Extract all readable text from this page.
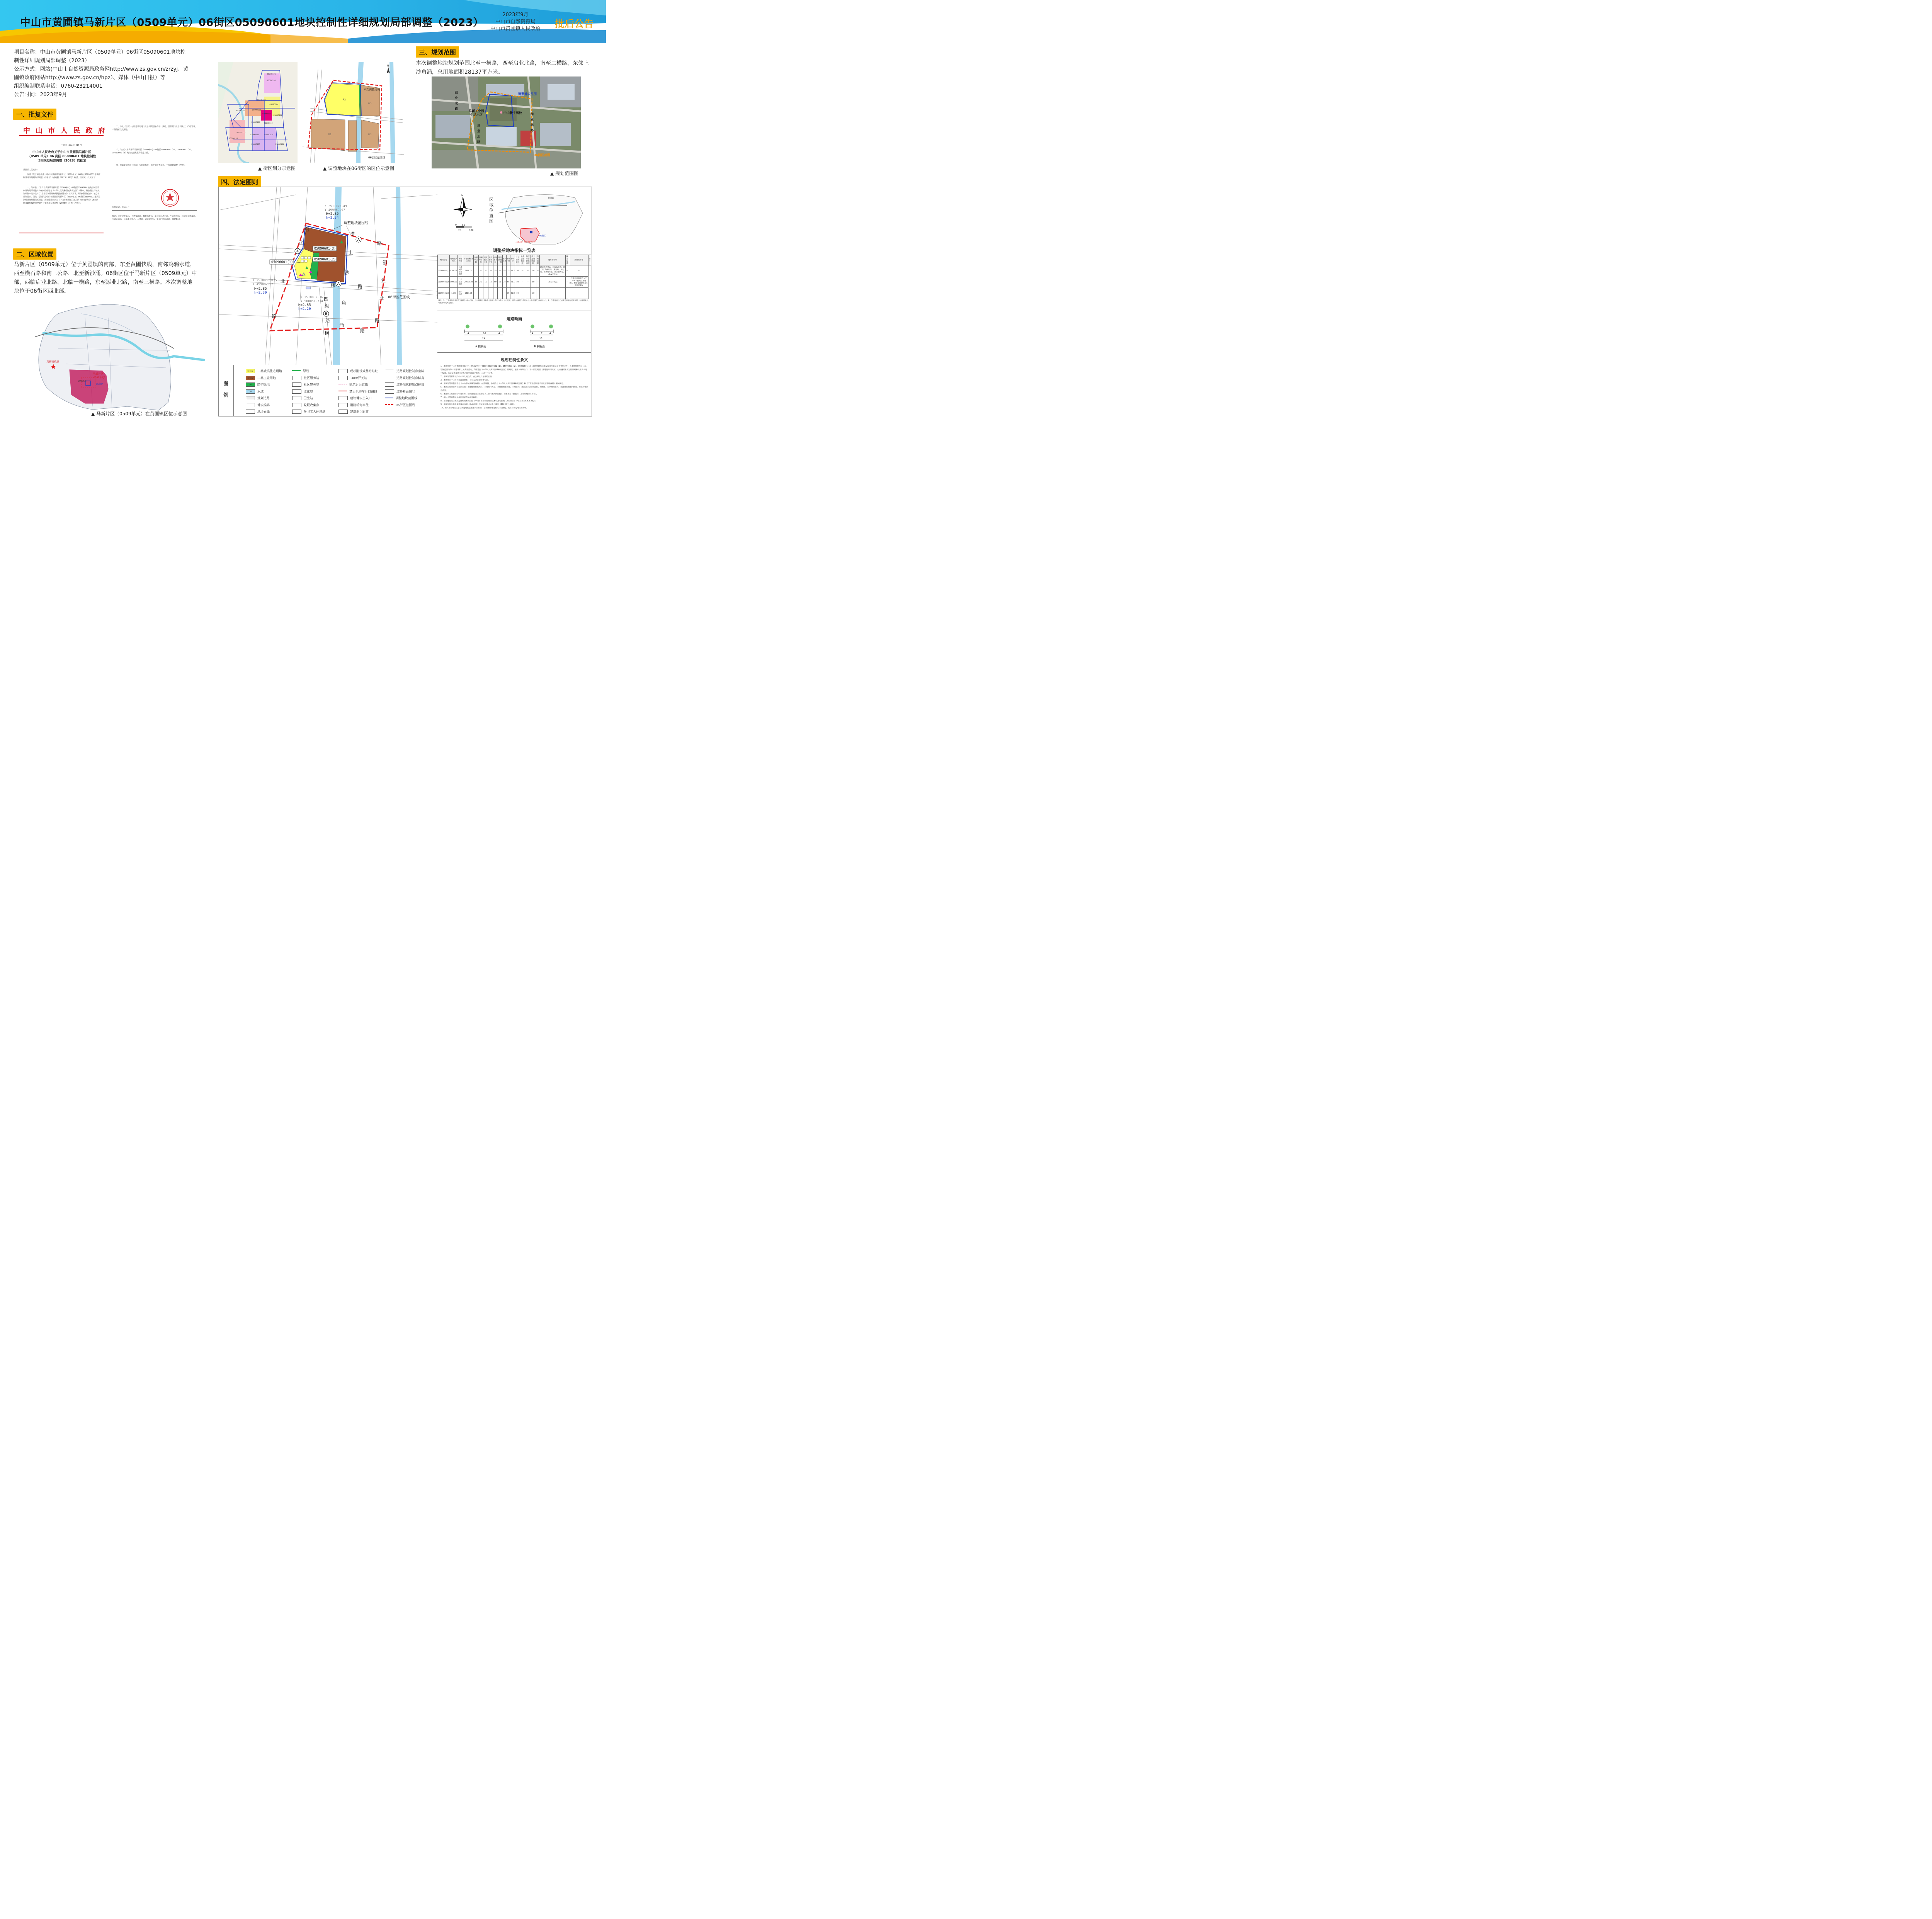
中山市黄圃镇马新片区（0509单元）06街区05090601地块控制性详细规划局部调整（2023）
2023年9月
中山市自然资源局
中山市黄圃镇人民政府	批后公告
项目名称：中山市黄圃镇马新片区（0509单元）06街区05090601地块控
制性详细规划局部调整（2023）
公示方式：网站(中山市自然资源局政务网http://www.zs.gov.cn/zrzyj、黄
圃镇政府网站http://www.zs.gov.cn/hpz）、媒体（中山日报）等
组织编制联系电话：0760-23214001
公告时间：2023年9月
一、批复文件
中 山 市 人 民 政 府
中府函〔2023〕216 号
中山市人民政府关于中山市黄圃镇马新片区
（0509 单元）06 街区 05090601 地块控制性
详细规划局部调整（2023）的批复
黄圃镇人民政府：
你镇《关于请予批准〈中山市黄圃镇马新片区（0509单元）06街区05090601地块控制性详细规划局部调整〉的请示》（黄府报〔2023〕36号）收悉。经研究，批复如下：
一、经审核，《中山市黄圃镇马新片区（0509单元）06街区05090601地块控制性详细规划局部调整》的编制程序符合《中华人民共和国城乡规划法》《城市、镇控制性详细规划编制审批办法》《广东省控制性详细规划管理条例》相关要求，编制成果符合中、镇总体规划要求。因此，原则同意中山市黄圃镇马新片区（0509单元）06街区05090601地块控制性详细规划局部调整，规划成果命名为《中山市黄圃镇马新片区（0509单元）06街区05090601地块控制性详细规划局部调整（2023）》（下称《控规》）。
二、涉及《控规》与原建设用地出让合同规划条件不一致的，要按照出让合同执行，严格管理，不得随意改变用途。
三、《控规》为黄圃镇马新片区（0509单元）06街区05090601（1）、05090601（2）、05090601（3）地块建设发展的法定文件。
四、你镇要加强对《控规》实施的指导、监督和检查工作，不得随意调整《控规》。
公开方式：主动公开
抄送：市发展改革局、自然资源局、教育体育局、工业和信息化局、生态环境局、住房城乡建设局、交通运输局、公路事务中心、水务局、农业农村局、文化广电旅游局、城建集团。
二、区域位置
马新片区（0509单元）位于黄圃镇的南部，东至黄圃快线，南邻鸡鸦水道，
西至横石路和南三公路，北至新沙涌。06街区位于马新片区（0509单元）中
部，西临启业北路，北临一横路，东至添业北路，南至三横路。本次调整地
块位于06街区西北部。
黄圃镇政府
马新片区
（0509单元）
调整地块
06街区
▲ 马新片区（0509单元）在黄圃镇区位示意图
05090101
05090102
05090103
05090104
05090105	05090106
05090107
05090108
05090109 05090110
05090111
05090112
05090113	05090114
05090115	05090116
▲ 街区划分示意图
R2
M2
M2	M2
本次调整地块
06街区范围线
N
▲ 调整地块在06街区的区位示意图
三、规划范围
本次调整地块规划范围北至一横路，西至启业北路，南至二横路，东邻上
沙角涌，总用地面积28137平方米。
调整地块范围
中山骏宇驾校
马新工业园
生活小区
06街区范围
强
业
北
路
启
业
北
路
添
业
北
路
▲ 规划范围图
四、法定图则
05090601(3)
05090601(2)
05090601(1)
调整地块范围线
06街区范围线
X 2511075.491
Y 499969.97
X 2510855.075
Y 499882.021
X 2510832.361
Y 500051.714
H=2.85
h=2.34
H=2.85
h=2.30
H=2.85
h=2.20
A
A
A
B
横
路
启
业
北
路
横	路
添
业
北
路
四
纵
路
横	路
上
沙
角
涌
N
0 50
25	100
区域位置图
黄圃镇
马新片区（0509单元）
06街区
调整后地块指标一览表
地块编号	用地性质代码	用地性质	用地面积(平方米)	容积率上限	容积率下限	建筑密度上限	建筑密度下限	绿地率下限	建筑高度上限	建筑限高	居住户数	停车位	计容建筑面积	地块总建筑面积	地下计容建筑面积	地上总建筑面积	绿地面积	透水铺装率	配套设施	兼容性用地	备注
05090601(1)	070102	二类城镇住宅用地	5909.06	1.7	—	—	34	35	—	50	75	29.7	30	—	—	70	—	现状移动基站、垃圾收集点、环卫工人休息站、卫生站、文化室、社区警务室、社区服务站、10kV开关站	—	—	
05090601(2)	100102	二类工业用地	20652.28	3.5	2.0	15	10	60	35	70	65	21.1	40	—	—	50	—	10kV开关站	—	产业用房面积不少于35%（按照工业用地），配套设施建筑面积不超过7%	
05090601(3)	1402	防护绿地	1484.34	—	—	—	—	—	—	—	85	45.0	10	—	—	80	—	—	—	—	
备注：1、工业用地停车位配建按照《中山市国土空间规划技术标准与准则（2023版）》进行配建，停车位按照二类用地与公共设施配建标准执行。2、当建设项目无法满足停车配建要求时，经规划核实，可按照相关规定执行。
道路断面
4	16	4
24
A 横断面
4	7	4
15
B 横断面
规划控制性条文
1、本规划是中山市黄圃镇马新片区（0509单元）06街区05090601（1）、05090601（2）、05090601（3）地块管理单元建设和开发的法定指导性文件，自本规划批准之日起，辖区范围内的一切建设和土地利用活动，均应依据《中华人民共和国城乡规划法》的规定，遵照本规划执行。下一层次规划（修建性详细规划）也应遵循本规划的原则和具体要求进行编制。法定文件成果由文本和图则两部分组成，二者不可分割。
2、本规划的解释权归中山市人民政府；由公布之日起开始实施。
3、本规划由中山市人民政府批准，自公布之日起开始实施。
4、本规划的调整应符合《中山市城乡规划条例》，如需调整，必须符合《中华人民共和国城乡规划法》和《广东省控制性详细规划管理条例》相关规定。
5、本法定图则的所有控制内容：土地使用性质代码、土地使用性质、土地使用兼容性、土地面积、地面以上总建筑面积、绿地率、公共绿地面积，市政设施用地的种类，规模为强制性内容。
6、本图则的控制指标中容积率、建筑密度为上限指标（工业用地为区间值），绿地率为下限指标（工业用地为区间值）。
7、相对关的调整规划按照国家有关规定执行。
8、工业建筑退让城市道路红线距离应按《中山市国土空间规划技术标准与准则（2023版）》中第五章第5.6.2-2执行。
9、本规划地块的开发建设应按照《中山市国土空间规划技术标准与准则（2023版）》执行。
10、地块开发时需注意与周边现状已建建筑的衔接，适当降低周边地块开发强度，减少对周边地块的影响。
图例
070102	二类城镇住宅用地	绿线	现状附设式基站站址	道路规划控制点坐标
100102	二类工业用地	社区服务站	10kV开关站	道路规划控制点标高
1402	防护绿地	社区警务室	建筑后退红线	道路现状控制点标高
1701	水域	文化室	禁止机动车开口路段	道路断面编号
规划道路	卫生站	建议地块出入口	调整地块范围线
地块编码	垃圾收集点	道路转弯半径	06街区范围线
地块界线	环卫工人休息站	建筑退让距离
